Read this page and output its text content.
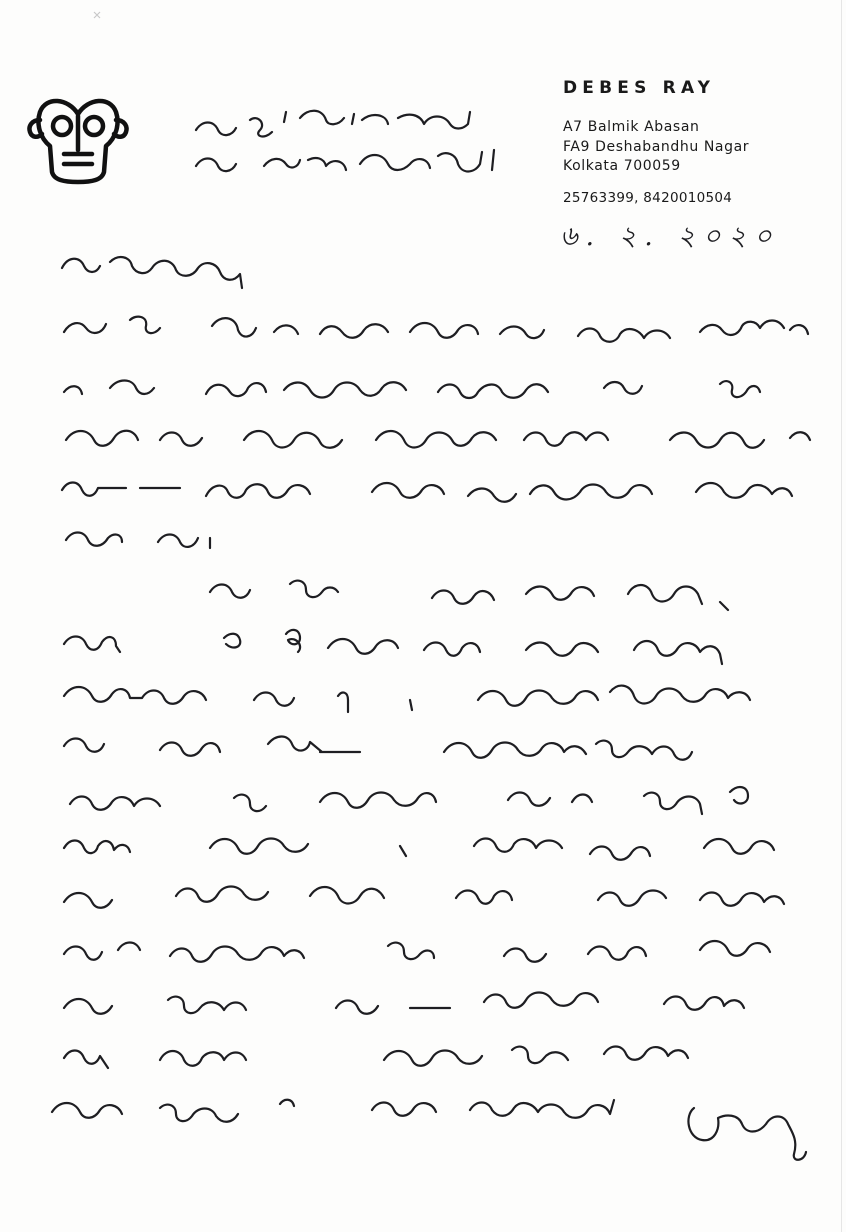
DEBES RAY
A7 Balmik Abasan
FA9 Deshabandhu Nagar
Kolkata 700059
25763399, 8420010504
৬. ২. ২০২০
